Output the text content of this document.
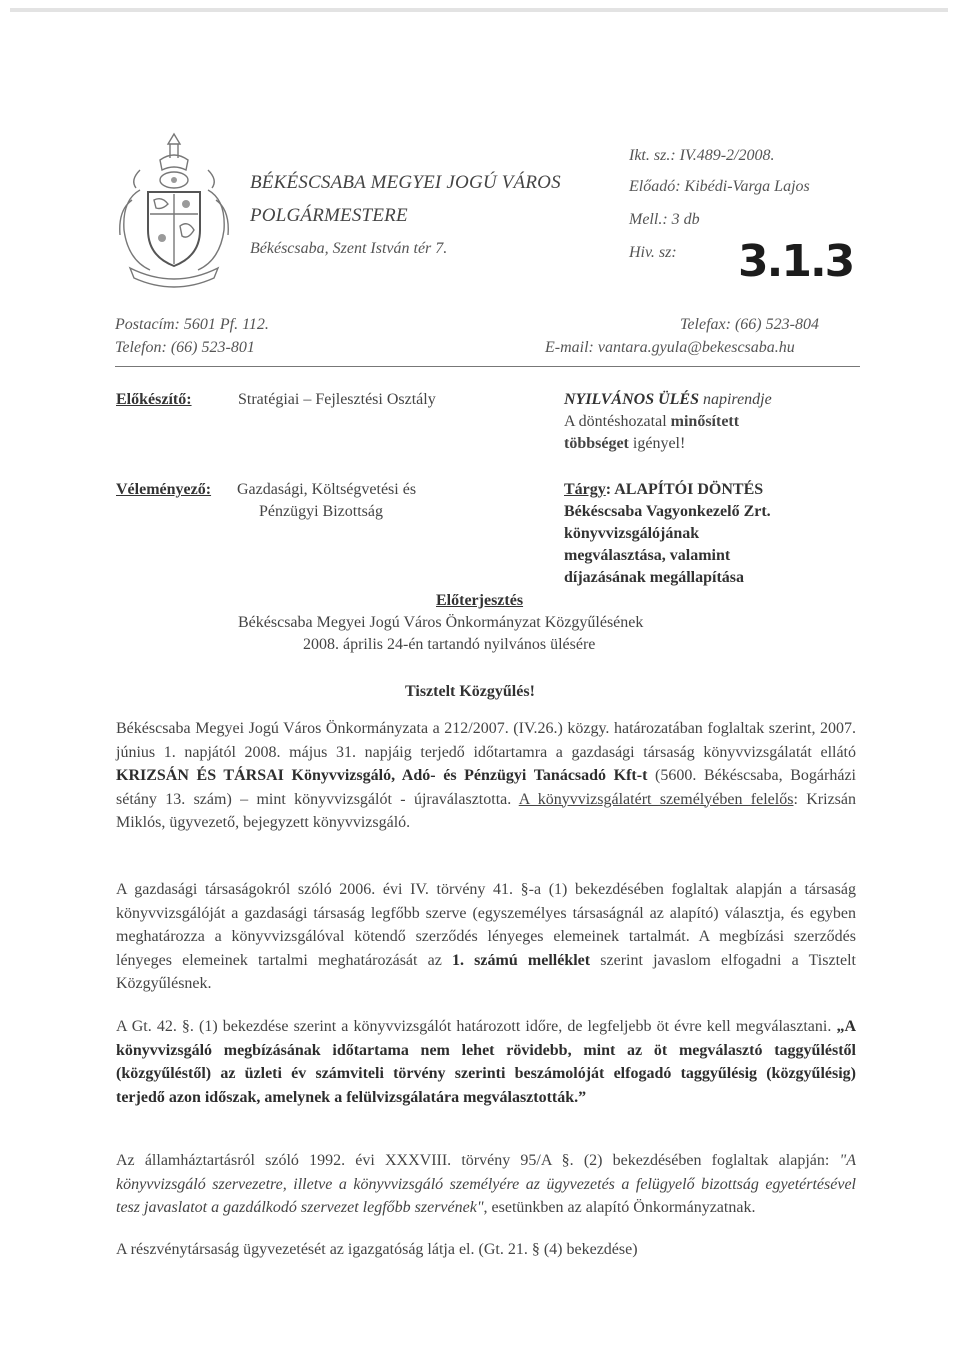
BÉKÉSCSABA MEGYEI JOGÚ VÁROS
POLGÁRMESTERE
Békéscsaba, Szent István tér 7.
Ikt. sz.: IV.489-2/2008.
Előadó: Kibédi-Varga Lajos
Mell.: 3 db
Hiv. sz: 3.1.3
Postacím: 5601 Pf. 112.
Telefon: (66) 523-801
Telefax: (66) 523-804
E-mail: vantara.gyula@bekescsaba.hu
Előkészítő:	Stratégiai – Fejlesztési Osztály	NYILVÁNOS ÜLÉS napirendje
A döntéshozatal minősített
többséget igényel!
Véleményező: Gazdasági, Költségvetési és
Pénzügyi Bizottság
Tárgy: ALAPÍTÓI DÖNTÉS
Békéscsaba Vagyonkezelő Zrt.
könyvvizsgálójának
megválasztása, valamint
díjazásának megállapítása
Előterjesztés
Békéscsaba Megyei Jogú Város Önkormányzat Közgyűlésének
2008. április 24-én tartandó nyilvános ülésére
Tisztelt Közgyűlés!
Békéscsaba Megyei Jogú Város Önkormányzata a 212/2007. (IV.26.) közgy. határozatában foglaltak szerint, 2007. június 1. napjától 2008. május 31. napjáig terjedő időtartamra a gazdasági társaság könyvvizsgálatát ellátó KRIZSÁN ÉS TÁRSAI Könyvvizsgáló, Adó- és Pénzügyi Tanácsadó Kft-t (5600. Békéscsaba, Bogárházi sétány 13. szám) – mint könyvvizsgálót - újraválasztotta. A könyvvizsgálatért személyében felelős: Krizsán Miklós, ügyvezető, bejegyzett könyvvizsgáló.
A gazdasági társaságokról szóló 2006. évi IV. törvény 41. §-a (1) bekezdésében foglaltak alapján a társaság könyvvizsgálóját a gazdasági társaság legfőbb szerve (egyszemélyes társaságnál az alapító) választja, és egyben meghatározza a könyvvizsgálóval kötendő szerződés lényeges elemeinek tartalmát. A megbízási szerződés lényeges elemeinek tartalmi meghatározását az 1. számú melléklet szerint javaslom elfogadni a Tisztelt Közgyűlésnek.
A Gt. 42. §. (1) bekezdése szerint a könyvvizsgálót határozott időre, de legfeljebb öt évre kell megválasztani. „A könyvvizsgáló megbízásának időtartama nem lehet rövidebb, mint az öt megválasztó taggyűléstől (közgyűléstől) az üzleti év számviteli törvény szerinti beszámolóját elfogadó taggyűlésig (közgyűlésig) terjedő azon időszak, amelynek a felülvizsgálatára megválasztották.”
Az államháztartásról szóló 1992. évi XXXVIII. törvény 95/A §. (2) bekezdésében foglaltak alapján: "A könyvvizsgáló szervezetre, illetve a könyvvizsgáló személyére az ügyvezetés a felügyelő bizottság egyetértésével tesz javaslatot a gazdálkodó szervezet legfőbb szervének", esetünkben az alapító Önkormányzatnak.
A részvénytársaság ügyvezetését az igazgatóság látja el. (Gt. 21. § (4) bekezdése)
